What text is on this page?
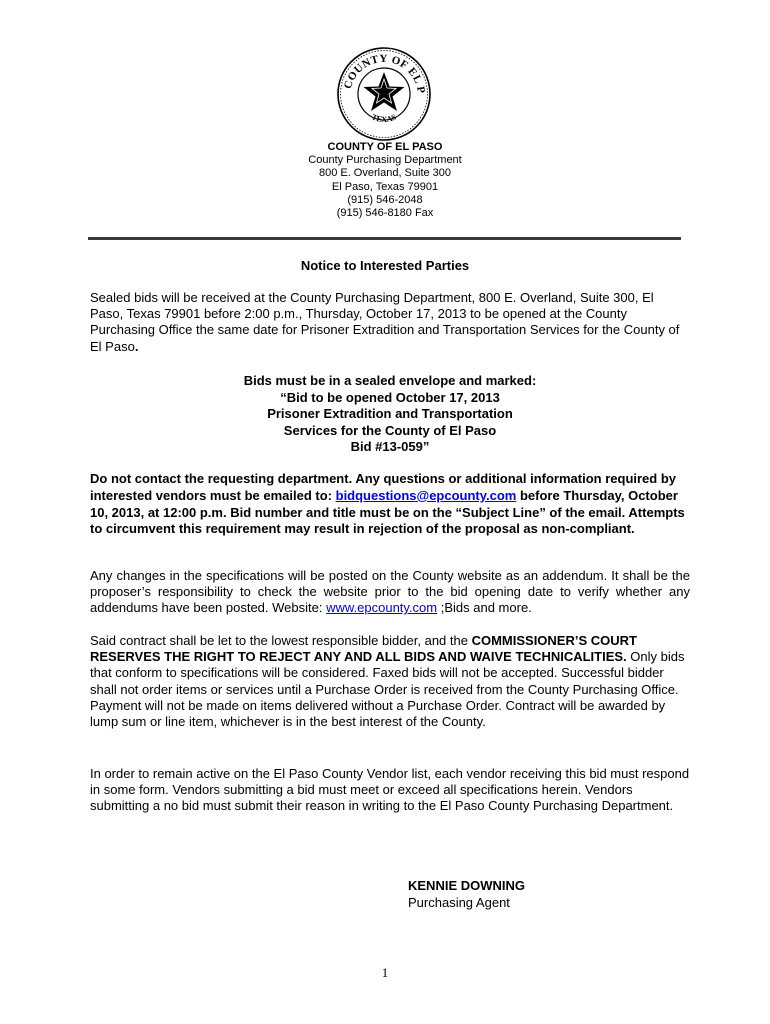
COUNTY OF EL P
TEXAS
COUNTY OF EL PASO
County Purchasing Department
800 E. Overland, Suite 300
El Paso, Texas 79901
(915) 546-2048
(915) 546-8180 Fax
Notice to Interested Parties

Sealed bids will be received at the County Purchasing Department, 800 E. Overland, Suite 300, El Paso, Texas 79901 before 2:00 p.m., Thursday, October 17, 2013 to be opened at the County Purchasing Office the same date for Prisoner Extradition and Transportation Services for the County of El Paso.

Bids must be in a sealed envelope and marked:
“Bid to be opened October 17, 2013
Prisoner Extradition and Transportation
Services for the County of El Paso
Bid #13-059”

Do not contact the requesting department. Any questions or additional information required by interested vendors must be emailed to: bidquestions@epcounty.com before Thursday, October 10, 2013, at 12:00 p.m. Bid number and title must be on the “Subject Line” of the email. Attempts to circumvent this requirement may result in rejection of the proposal as non-compliant.

Any changes in the specifications will be posted on the County website as an addendum. It shall be the proposer’s responsibility to check the website prior to the bid opening date to verify whether any addendums have been posted. Website: www.epcounty.com ;Bids and more.

Said contract shall be let to the lowest responsible bidder, and the COMMISSIONER’S COURT RESERVES THE RIGHT TO REJECT ANY AND ALL BIDS AND WAIVE TECHNICALITIES. Only bids that conform to specifications will be considered. Faxed bids will not be accepted. Successful bidder shall not order items or services until a Purchase Order is received from the County Purchasing Office. Payment will not be made on items delivered without a Purchase Order. Contract will be awarded by lump sum or line item, whichever is in the best interest of the County.

In order to remain active on the El Paso County Vendor list, each vendor receiving this bid must respond in some form. Vendors submitting a bid must meet or exceed all specifications herein. Vendors submitting a no bid must submit their reason in writing to the El Paso County Purchasing Department.

KENNIE DOWNING
Purchasing Agent
1
